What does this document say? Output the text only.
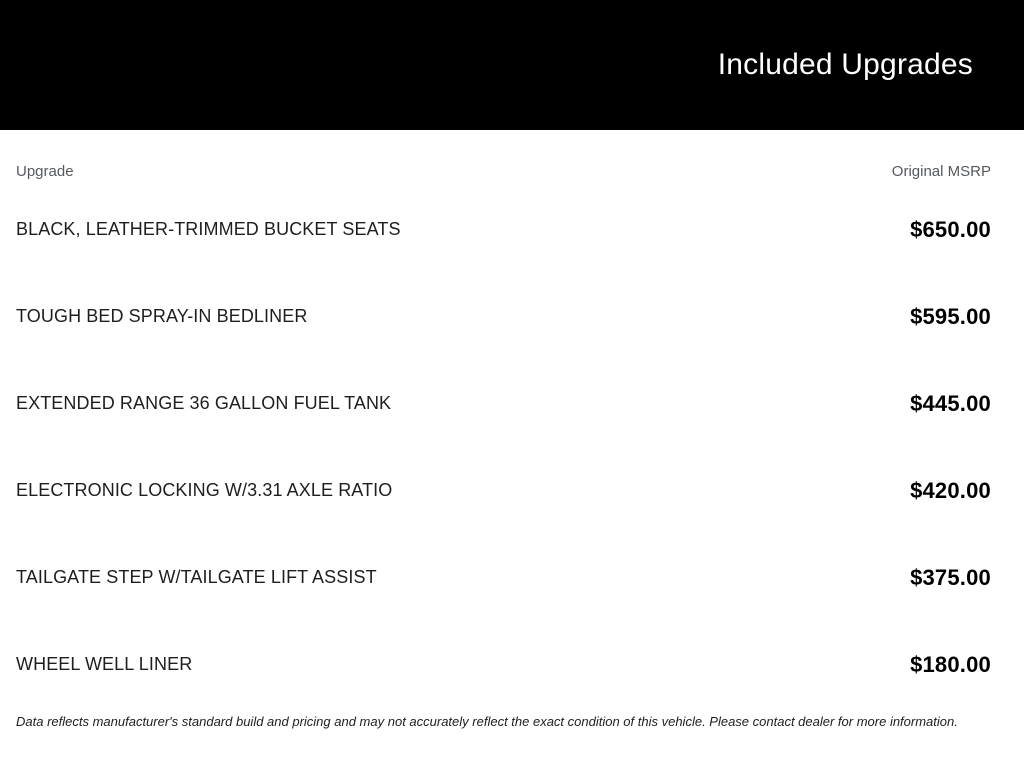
Included Upgrades
Upgrade	Original MSRP
BLACK, LEATHER-TRIMMED BUCKET SEATS	$650.00
TOUGH BED SPRAY-IN BEDLINER	$595.00
EXTENDED RANGE 36 GALLON FUEL TANK	$445.00
ELECTRONIC LOCKING W/3.31 AXLE RATIO	$420.00
TAILGATE STEP W/TAILGATE LIFT ASSIST	$375.00
WHEEL WELL LINER	$180.00

Data reflects manufacturer's standard build and pricing and may not accurately reflect the exact condition of this vehicle. Please contact dealer for more information.
